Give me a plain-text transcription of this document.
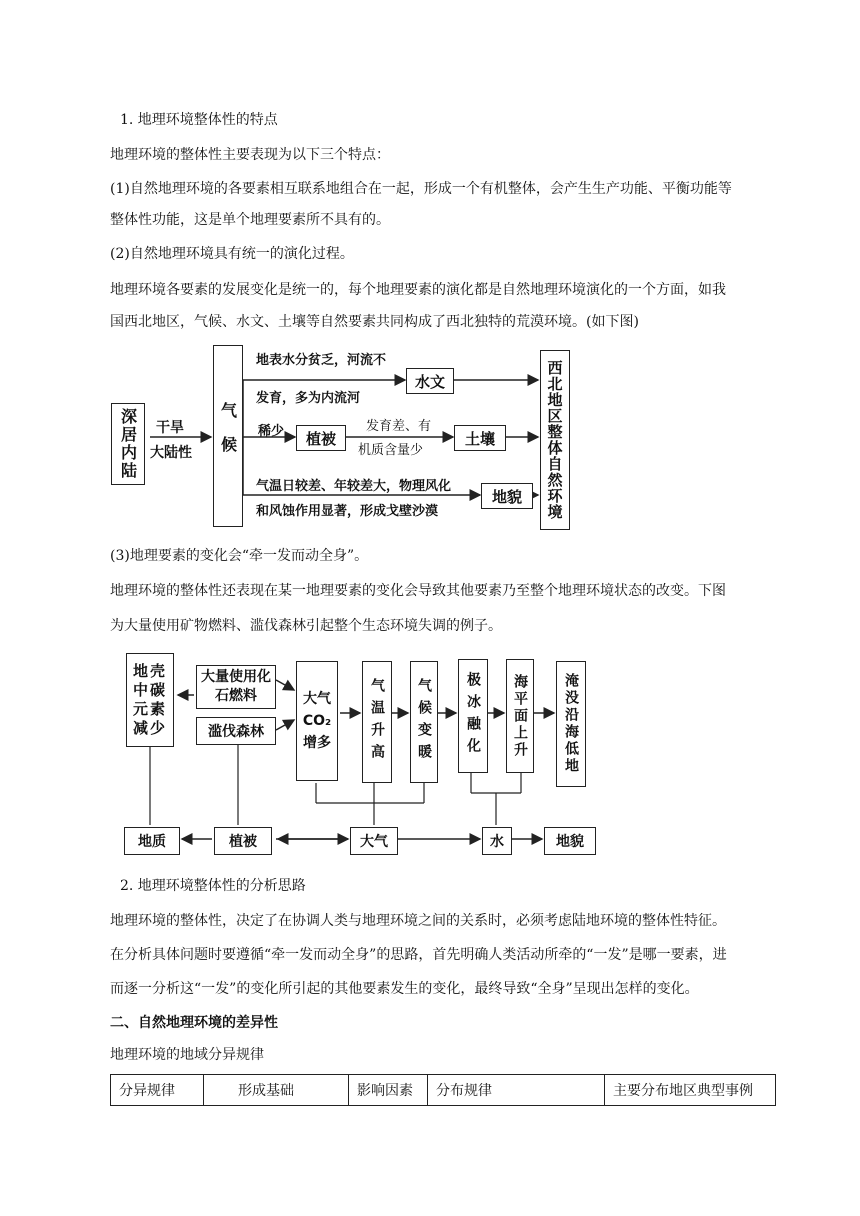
1. 地理环境整体性的特点
地理环境的整体性主要表现为以下三个特点：
(1)自然地理环境的各要素相互联系地组合在一起，形成一个有机整体，会产生生产功能、平衡功能等
整体性功能，这是单个地理要素所不具有的。
(2)自然地理环境具有统一的演化过程。
地理环境各要素的发展变化是统一的，每个地理要素的演化都是自然地理环境演化的一个方面，如我
国西北地区，气候、水文、土壤等自然要素共同构成了西北独特的荒漠环境。(如下图)
深居内陆	干旱
大陆性	气候
地表水分贫乏，河流不
发育，多为内流河
水文
稀少	植被
发育差、有
机质含量少
土壤
气温日较差、年较差大，物理风化
和风蚀作用显著，形成戈壁沙漠
地貌	西北地区整体自然环境
(3)地理要素的变化会“牵一发而动全身”。
地理环境的整体性还表现在某一地理要素的变化会导致其他要素乃至整个地理环境状态的改变。下图
为大量使用矿物燃料、滥伐森林引起整个生态环境失调的例子。
地壳中碳元素减少
大量使用化石燃料
滥伐森林
大气CO₂增多	气温升高	气候变暖	极冰融化	海平面上升	淹没沿海低地
地质	植被	大气	水	地貌
2. 地理环境整体性的分析思路
地理环境的整体性，决定了在协调人类与地理环境之间的关系时，必须考虑陆地环境的整体性特征。
在分析具体问题时要遵循“牵一发而动全身”的思路，首先明确人类活动所牵的“一发”是哪一要素，进
而逐一分析这“一发”的变化所引起的其他要素发生的变化，最终导致“全身”呈现出怎样的变化。
二、自然地理环境的差异性
地理环境的地域分异规律
分异规律	形成基础	影响因素	分布规律	主要分布地区典型事例
